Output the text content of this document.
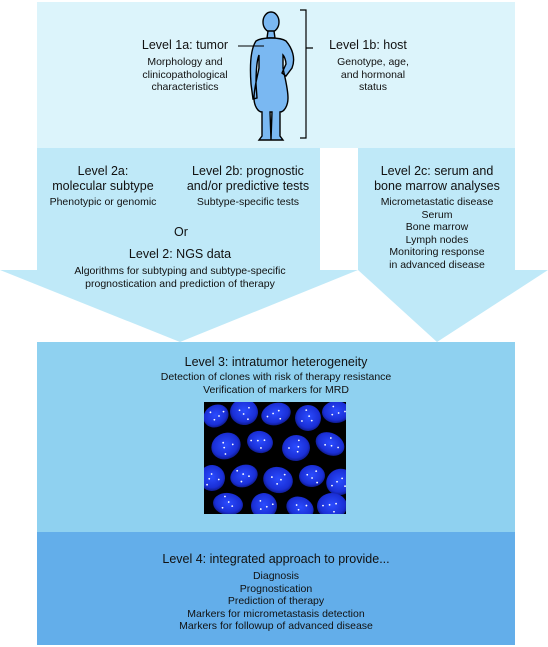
Level 1a: tumor
Morphology and
clinicopathological
characteristics
Level 1b: host
Genotype, age,
and hormonal
status
Level 2a:
molecular subtype
Phenotypic or genomic
Level 2b: prognostic
and/or predictive tests
Subtype-specific tests
Or
Level 2: NGS data
Algorithms for subtyping and subtype-specific
prognostication and prediction of therapy
Level 2c: serum and
bone marrow analyses
Micrometastatic disease
Serum
Bone marrow
Lymph nodes
Monitoring response
in advanced disease
Level 3: intratumor heterogeneity
Detection of clones with risk of therapy resistance
Verification of markers for MRD
Level 4: integrated approach to provide...
Diagnosis
Prognostication
Prediction of therapy
Markers for micrometastasis detection
Markers for followup of advanced disease
